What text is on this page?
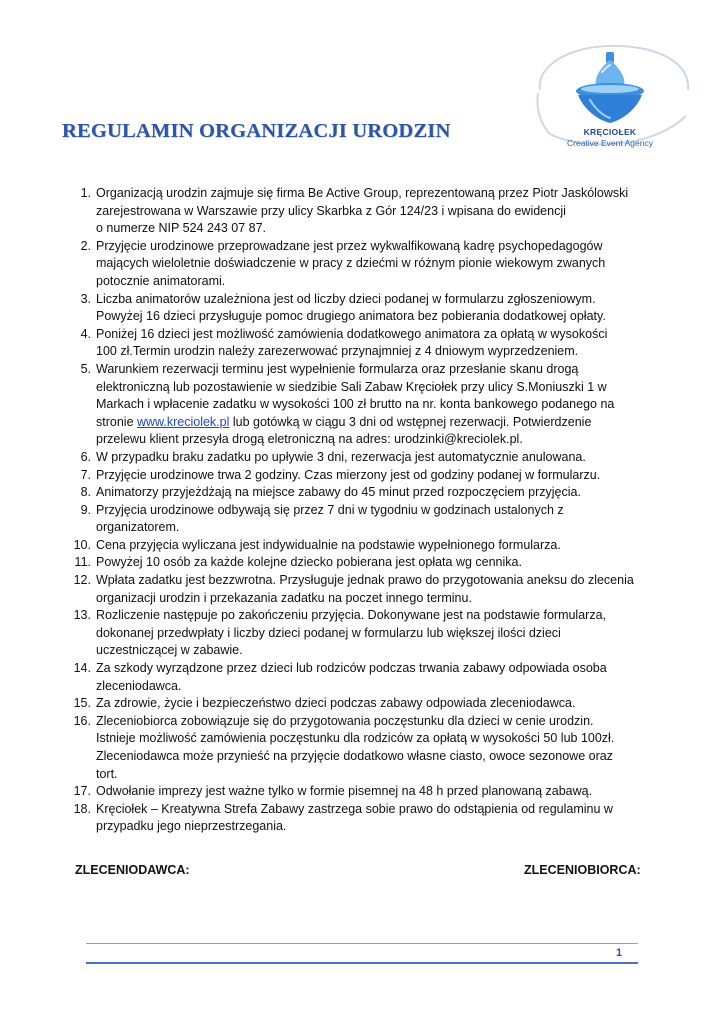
REGULAMIN ORGANIZACJI URODZIN	KRĘCIOŁEK
Creative Event Agency
1. Organizacją urodzin zajmuje się firma Be Active Group, reprezentowaną przez Piotr Jaskólowski
zarejestrowana w Warszawie przy ulicy Skarbka z Gór 124/23 i wpisana do ewidencji
o numerze NIP 524 243 07 87.
2. Przyjęcie urodzinowe przeprowadzane jest przez wykwalfikowaną kadrę psychopedagogów
mających wieloletnie doświadczenie w pracy z dziećmi w różnym pionie wiekowym zwanych
potocznie animatorami.
3. Liczba animatorów uzależniona jest od liczby dzieci podanej w formularzu zgłoszeniowym.
Powyżej 16 dzieci przysługuje pomoc drugiego animatora bez pobierania dodatkowej opłaty.
4. Poniżej 16 dzieci jest możliwość zamówienia dodatkowego animatora za opłatą w wysokości
100 zł.Termin urodzin należy zarezerwować przynajmniej z 4 dniowym wyprzedzeniem.
5. Warunkiem rezerwacji terminu jest wypełnienie formularza oraz przesłanie skanu drogą
elektroniczną lub pozostawienie w siedzibie Sali Zabaw Kręciołek przy ulicy S.Moniuszki 1 w
Markach i wpłacenie zadatku w wysokości 100 zł brutto na nr. konta bankowego podanego na
stronie www.kreciolek.pl lub gotówką w ciągu 3 dni od wstępnej rezerwacji. Potwierdzenie
przelewu klient przesyła drogą eletroniczną na adres: urodzinki@kreciolek.pl.
6. W przypadku braku zadatku po upływie 3 dni, rezerwacja jest automatycznie anulowana.
7. Przyjęcie urodzinowe trwa 2 godziny. Czas mierzony jest od godziny podanej w formularzu.
8. Animatorzy przyjeżdżają na miejsce zabawy do 45 minut przed rozpoczęciem przyjęcia.
9. Przyjęcia urodzinowe odbywają się przez 7 dni w tygodniu w godzinach ustalonych z
organizatorem.
10. Cena przyjęcia wyliczana jest indywidualnie na podstawie wypełnionego formularza.
11. Powyżej 10 osób za każde kolejne dziecko pobierana jest opłata wg cennika.
12. Wpłata zadatku jest bezzwrotna. Przysługuje jednak prawo do przygotowania aneksu do zlecenia
organizacji urodzin i przekazania zadatku na poczet innego terminu.
13. Rozliczenie następuje po zakończeniu przyjęcia. Dokonywane jest na podstawie formularza,
dokonanej przedwpłaty i liczby dzieci podanej w formularzu lub większej ilości dzieci
uczestniczącej w zabawie.
14. Za szkody wyrządzone przez dzieci lub rodziców podczas trwania zabawy odpowiada osoba
zleceniodawca.
15. Za zdrowie, życie i bezpieczeństwo dzieci podczas zabawy odpowiada zleceniodawca.
16. Zleceniobiorca zobowiązuje się do przygotowania poczęstunku dla dzieci w cenie urodzin.
Istnieje możliwość zamówienia poczęstunku dla rodziców za opłatą w wysokości 50 lub 100zł.
Zleceniodawca może przynieść na przyjęcie dodatkowo własne ciasto, owoce sezonowe oraz
tort.
17. Odwołanie imprezy jest ważne tylko w formie pisemnej na 48 h przed planowaną zabawą.
18. Kręciołek – Kreatywna Strefa Zabawy zastrzega sobie prawo do odstąpienia od regulaminu w
przypadku jego nieprzestrzegania.
ZLECENIODAWCA:	ZLECENIOBIORCA:
1
